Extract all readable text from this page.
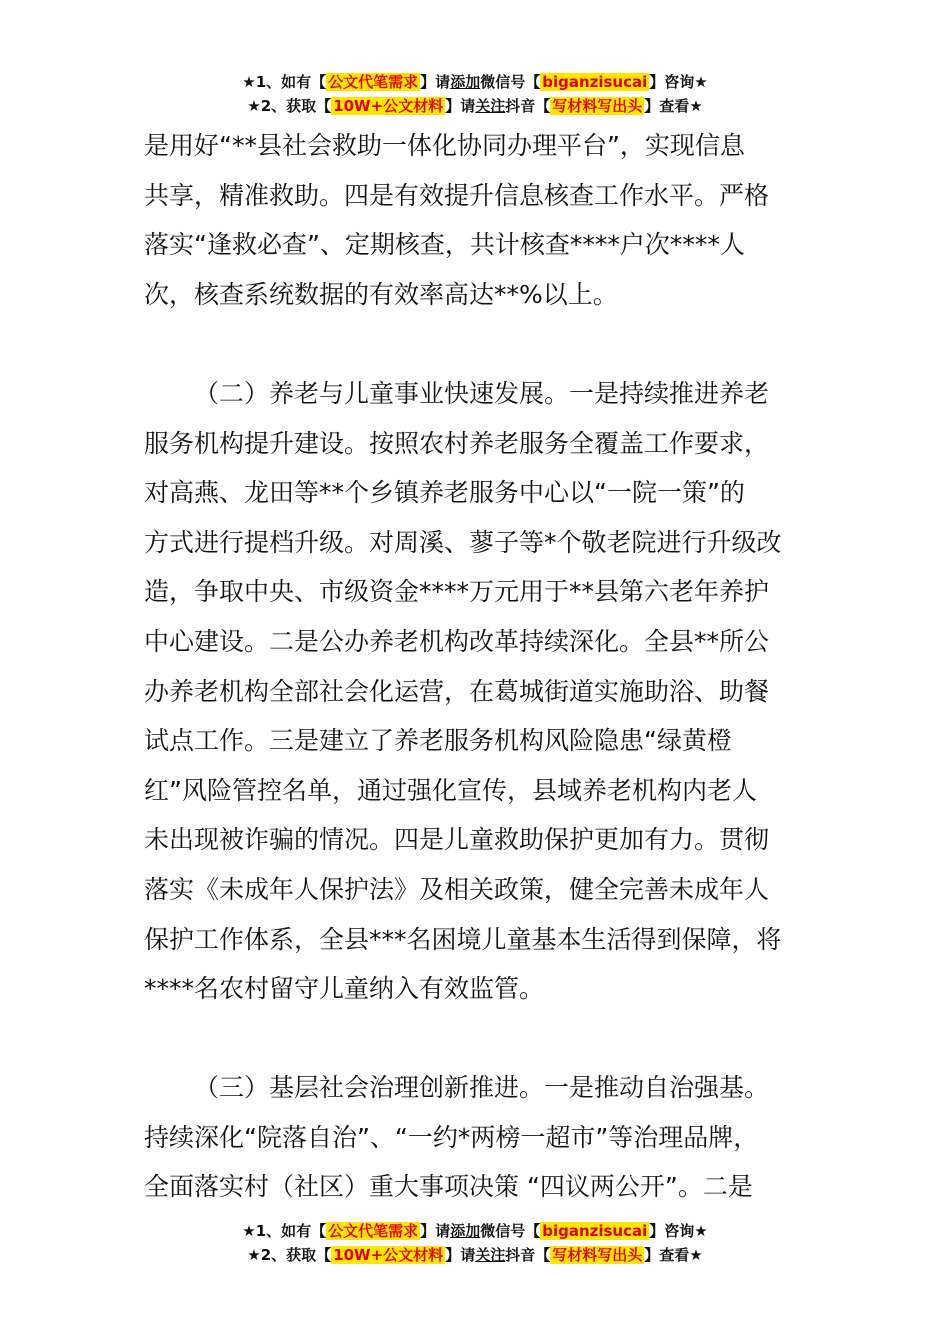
★1、如有【 公文代笔需求 】请添加微信号【 biganzisucai 】咨询★
★2、获取【 10W+公文材料 】请关注抖音【 写材料写出头 】查看★

是用好“**县社会救助一体化协同办理平台”，实现信息
共享，精准救助。四是有效提升信息核查工作水平。严格
落实“逢救必查”、定期核查，共计核查****户次****人
次，核查系统数据的有效率高达**%以上。

（二）养老与儿童事业快速发展。一是持续推进养老
服务机构提升建设。按照农村养老服务全覆盖工作要求，
对高燕、龙田等**个乡镇养老服务中心以“一院一策”的
方式进行提档升级。对周溪、蓼子等*个敬老院进行升级改
造，争取中央、市级资金****万元用于**县第六老年养护
中心建设。二是公办养老机构改革持续深化。全县**所公
办养老机构全部社会化运营，在葛城街道实施助浴、助餐
试点工作。三是建立了养老服务机构风险隐患“绿黄橙
红”风险管控名单，通过强化宣传，县域养老机构内老人
未出现被诈骗的情况。四是儿童救助保护更加有力。贯彻
落实《未成年人保护法》及相关政策，健全完善未成年人
保护工作体系，全县***名困境儿童基本生活得到保障，将
****名农村留守儿童纳入有效监管。

（三）基层社会治理创新推进。一是推动自治强基。
持续深化“院落自治”、“一约*两榜一超市”等治理品牌，
全面落实村（社区）重大事项决策 “四议两公开”。二是

★1、如有【 公文代笔需求 】请添加微信号【 biganzisucai 】咨询★
★2、获取【 10W+公文材料 】请关注抖音【 写材料写出头 】查看★
